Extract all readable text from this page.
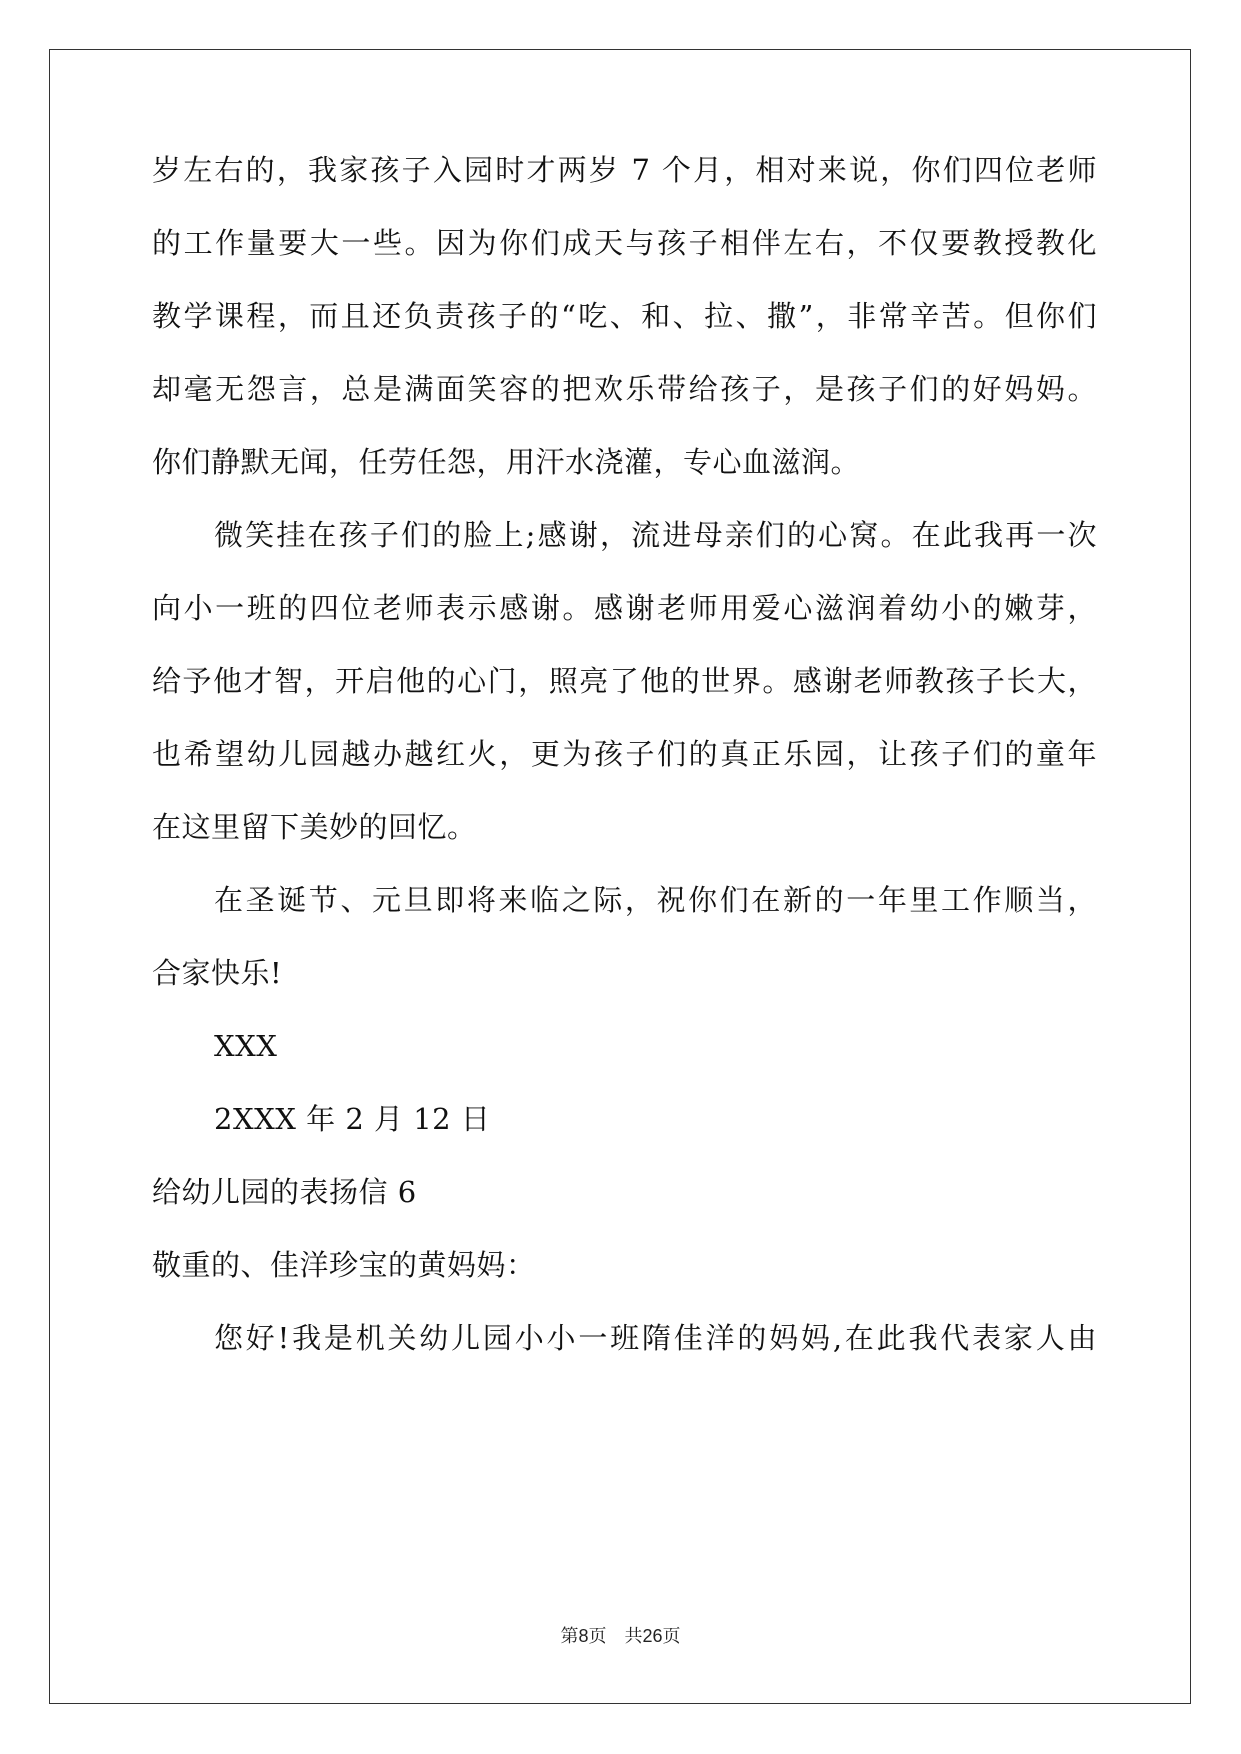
岁左右的，我家孩子入园时才两岁 7 个月，相对来说，你们四位老师
的工作量要大一些。因为你们成天与孩子相伴左右，不仅要教授教化
教学课程，而且还负责孩子的“吃、和、拉、撒”，非常辛苦。但你们
却毫无怨言，总是满面笑容的把欢乐带给孩子，是孩子们的好妈妈。
你们静默无闻，任劳任怨，用汗水浇灌，专心血滋润。
微笑挂在孩子们的脸上;感谢，流进母亲们的心窝。在此我再一次
向小一班的四位老师表示感谢。感谢老师用爱心滋润着幼小的嫩芽，
给予他才智，开启他的心门，照亮了他的世界。感谢老师教孩子长大，
也希望幼儿园越办越红火，更为孩子们的真正乐园，让孩子们的童年
在这里留下美妙的回忆。
在圣诞节、元旦即将来临之际，祝你们在新的一年里工作顺当，
合家快乐!
XXX
2XXX 年 2 月 12 日
给幼儿园的表扬信 6
敬重的、佳洋珍宝的黄妈妈：
您好!我是机关幼儿园小小一班隋佳洋的妈妈,在此我代表家人由
第8页　共26页
